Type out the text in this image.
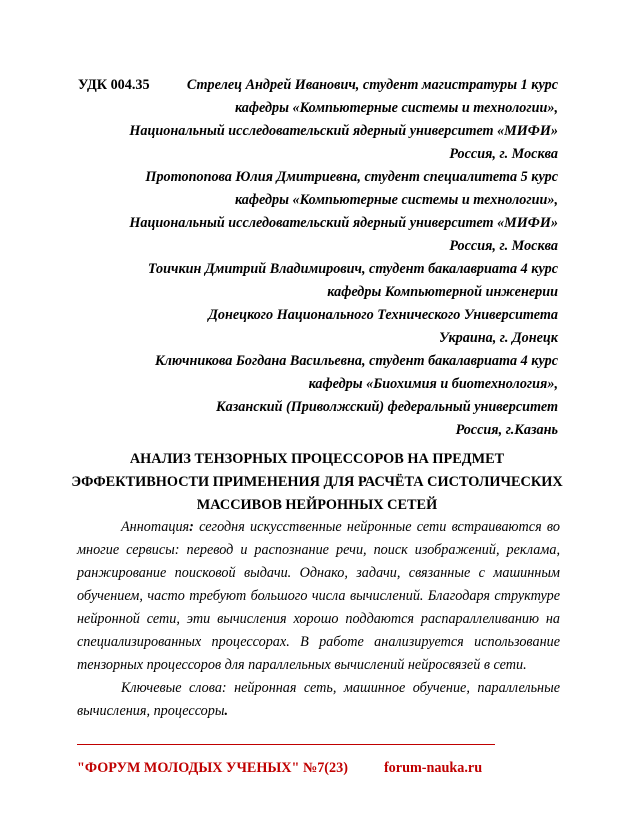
УДК 004.35	Стрелец Андрей Иванович, студент магистратуры 1 курс
кафедры «Компьютерные системы и технологии»,
Национальный исследовательский ядерный университет «МИФИ»
Россия, г. Москва
Протопопова Юлия Дмитриевна, студент специалитета 5 курс
кафедры «Компьютерные системы и технологии»,
Национальный исследовательский ядерный университет «МИФИ»
Россия, г. Москва
Тоичкин Дмитрий Владимирович, студент бакалавриата 4 курс
кафедры Компьютерной инженерии
Донецкого Национального Технического Университета
Украина, г. Донецк
Ключникова Богдана Васильевна, студент бакалавриата 4 курс
кафедры «Биохимия и биотехнология»,
Казанский (Приволжский) федеральный университет
Россия, г.Казань
АНАЛИЗ ТЕНЗОРНЫХ ПРОЦЕССОРОВ НА ПРЕДМЕТ
ЭФФЕКТИВНОСТИ ПРИМЕНЕНИЯ ДЛЯ РАСЧЁТА СИСТОЛИЧЕСКИХ
МАССИВОВ НЕЙРОННЫХ СЕТЕЙ
Аннотация: сегодня искусственные нейронные сети встраиваются во многие сервисы: перевод и распознание речи, поиск изображений, реклама, ранжирование поисковой выдачи. Однако, задачи, связанные с машинным обучением, часто требуют большого числа вычислений. Благодаря структуре нейронной сети, эти вычисления хорошо поддаются распараллеливанию на специализированных процессорах. В работе анализируется использование тензорных процессоров для параллельных вычислений нейросвязей в сети.
Ключевые слова: нейронная сеть, машинное обучение, параллельные вычисления, процессоры.
"ФОРУМ МОЛОДЫХ УЧЕНЫХ" №7(23)	forum-nauka.ru
